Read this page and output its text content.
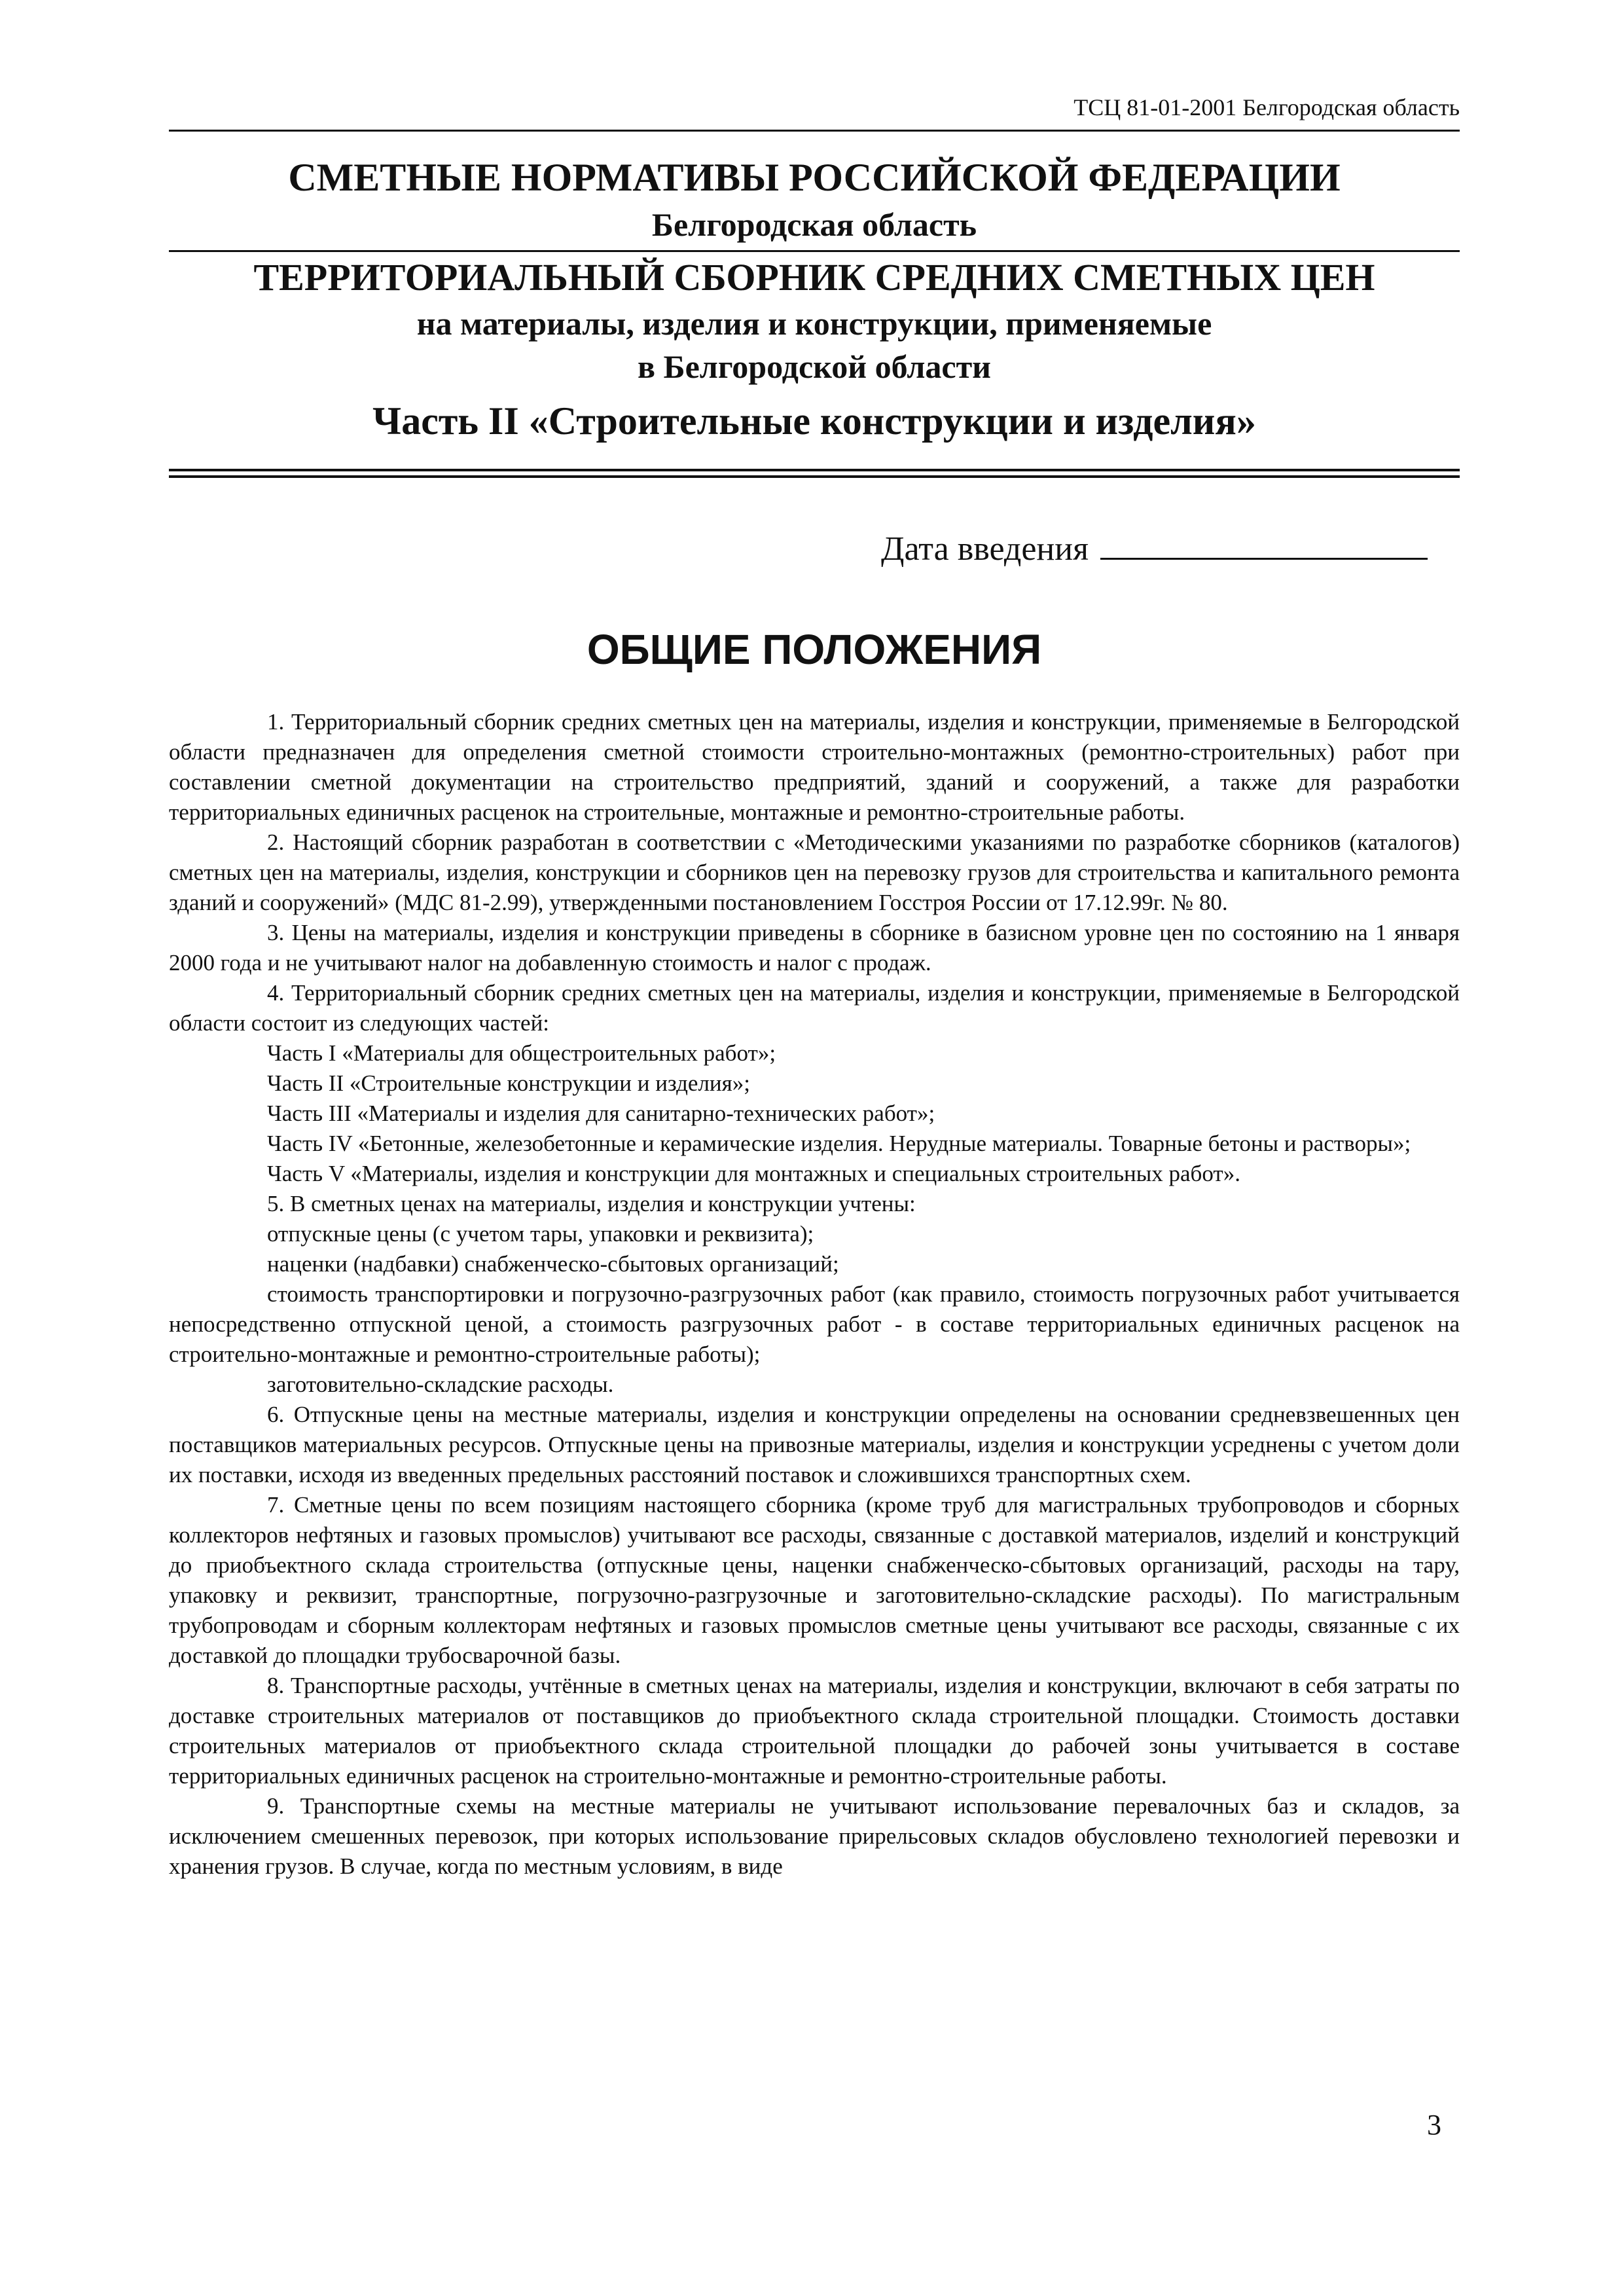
ТСЦ 81-01-2001 Белгородская область
СМЕТНЫЕ НОРМАТИВЫ РОССИЙСКОЙ ФЕДЕРАЦИИ
Белгородская область
ТЕРРИТОРИАЛЬНЫЙ СБОРНИК СРЕДНИХ СМЕТНЫХ ЦЕН
на материалы, изделия и конструкции, применяемые
в Белгородской области
Часть II «Строительные конструкции и изделия»
Дата введения
ОБЩИЕ ПОЛОЖЕНИЯ

1. Территориальный сборник средних сметных цен на материалы, изделия и конструкции, применяемые в Белгородской области предназначен для определения сметной стоимости строительно-монтажных (ремонтно-строительных) работ при составлении сметной документации на строительство предприятий, зданий и сооружений, а также для разработки территориальных единичных расценок на строительные, монтажные и ремонтно-строительные работы.

2. Настоящий сборник разработан в соответствии с «Методическими указаниями по разработке сборников (каталогов) сметных цен на материалы, изделия, конструкции и сборников цен на перевозку грузов для строительства и капитального ремонта зданий и сооружений» (МДС 81-2.99), утвержденными постановлением Госстроя России от 17.12.99г. № 80.

3. Цены на материалы, изделия и конструкции приведены в сборнике в базисном уровне цен по состоянию на 1 января 2000 года и не учитывают налог на добавленную стоимость и налог с продаж.

4. Территориальный сборник средних сметных цен на материалы, изделия и конструкции, применяемые в Белгородской области состоит из следующих частей:

Часть I «Материалы для общестроительных работ»;

Часть II «Строительные конструкции и изделия»;

Часть III «Материалы и изделия для санитарно-технических работ»;

Часть IV «Бетонные, железобетонные и керамические изделия. Нерудные материалы. Товарные бетоны и растворы»;

Часть V «Материалы, изделия и конструкции для монтажных и специальных строительных работ».

5. В сметных ценах на материалы, изделия и конструкции учтены:

отпускные цены (с учетом тары, упаковки и реквизита);

наценки (надбавки) снабженческо-сбытовых организаций;

стоимость транспортировки и погрузочно-разгрузочных работ (как правило, стоимость погрузочных работ учитывается непосредственно отпускной ценой, а стоимость разгрузочных работ - в составе территориальных единичных расценок на строительно-монтажные и ремонтно-строительные работы);

заготовительно-складские расходы.

6. Отпускные цены на местные материалы, изделия и конструкции определены на основании средневзвешенных цен поставщиков материальных ресурсов. Отпускные цены на привозные материалы, изделия и конструкции усреднены с учетом доли их поставки, исходя из введенных предельных расстояний поставок и сложившихся транспортных схем.

7. Сметные цены по всем позициям настоящего сборника (кроме труб для магистральных трубопроводов и сборных коллекторов нефтяных и газовых промыслов) учитывают все расходы, связанные с доставкой материалов, изделий и конструкций до приобъектного склада строительства (отпускные цены, наценки снабженческо-сбытовых организаций, расходы на тару, упаковку и реквизит, транспортные, погрузочно-разгрузочные и заготовительно-складские расходы). По магистральным трубопроводам и сборным коллекторам нефтяных и газовых промыслов сметные цены учитывают все расходы, связанные с их доставкой до площадки трубосварочной базы.

8. Транспортные расходы, учтённые в сметных ценах на материалы, изделия и конструкции, включают в себя затраты по доставке строительных материалов от поставщиков до приобъектного склада строительной площадки. Стоимость доставки строительных материалов от приобъектного склада строительной площадки до рабочей зоны учитывается в составе территориальных единичных расценок на строительно-монтажные и ремонтно-строительные работы.

9. Транспортные схемы на местные материалы не учитывают использование перевалочных баз и складов, за исключением смешенных перевозок, при которых использование прирельсовых складов обусловлено технологией перевозки и хранения грузов. В случае, когда по местным условиям, в виде

3
